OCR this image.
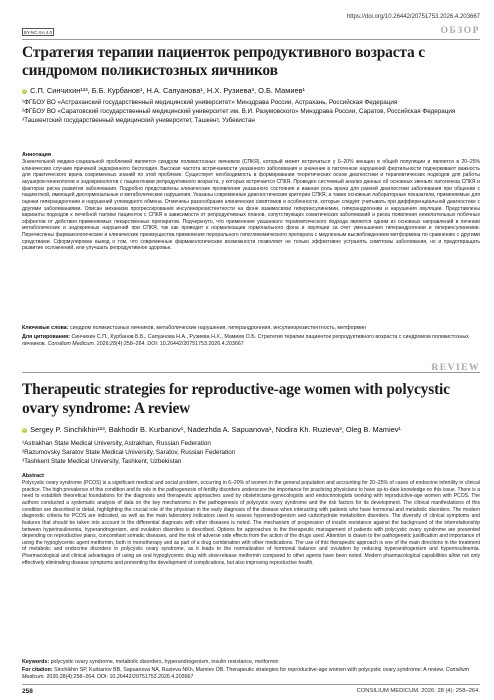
https://doi.org/10.26442/20751753.2026.4.203667
BY-NC-SA 4.0	ОБЗОР
Стратегия терапии пациенток репродуктивного возраста с синдромом поликистозных яичников
iD С.П. Синчихин¹²³, Б.Б. Курбанов¹, Н.А. Сапуанова¹, Н.Х. Рузиева³, О.Б. Мамиев¹
¹ФГБОУ ВО «Астраханский государственный медицинский университет» Минздрава России, Астрахань, Российская Федерация
²ФГБОУ ВО «Саратовский государственный медицинский университет им. В.И. Разумовского» Минздрава России, Саратов, Российская Федерация
³Ташкентский государственный медицинский университет, Ташкент, Узбекистан
Аннотация

Значительной медико-социальной проблемой является синдром поликистозных яичников (СПКЯ), который может встречаться у 6–20% женщин в общей популяции и является в 20–25% клинических случаев причиной эндокринного бесплодия. Высокая частота встречаемости указанного заболевания и значение в патогенезе нарушений фертильности подчеркивают важность для практического врача современных знаний по этой проблеме. Существует необходимость в формировании теоретических основ диагностики и терапевтических подходов для работы акушеров-гинекологов и эндокринологов с пациентками репродуктивного возраста, у которых встречается СПКЯ. Проведен системный анализ данных об основных звеньях патогенеза СПКЯ и факторах риска развития заболевания. Подробно представлены клинические проявления указанного состояния и важная роль врача для ранней диагностики заболевания при общении с пациенткой, имеющей дисгормональные и метаболические нарушения. Указаны современные диагностические критерии СПКЯ, а также основные лабораторные показатели, применяемые для оценки гиперандрогении и нарушений углеводного обмена. Отмечены разнообразие клинических симптомов и особенности, которые следует учитывать при дифференциальной диагностике с другими заболеваниями. Описан механизм прогрессирования инсулинорезистентности на фоне взаимосвязи гиперинсулинемии, гиперандрогении и нарушения овуляции. Представлены варианты подходов к лечебной тактике пациенток с СПКЯ в зависимости от репродуктивных планов, сопутствующих соматических заболеваний и риска появления нежелательных побочных эффектов от действия применяемых лекарственных препаратов. Подчеркнуто, что применение указанного терапевтического подхода является одним из основных направлений в лечении метаболических и эндокринных нарушений при СПКЯ, так как приводит к нормализации гормонального фона и овуляции за счет уменьшения гиперандрогении и гиперинсулинемии. Перечислены фармакологические и клинические преимущества применения перорального гипогликемического препарата с медленным высвобождением метформина по сравнению с другими средствами. Сформулирован вывод о том, что современные фармакологические возможности позволяют не только эффективно устранять симптомы заболевания, но и предотвращать развитие осложнений, или улучшать репродуктивное здоровье.

Ключевые слова: синдром поликистозных яичников, метаболические нарушения, гиперандрогения, инсулинорезистентность, метформин
Для цитирования: Синчихин С.П., Курбанов Б.Б., Сапуанова Н.А., Рузиева Н.Х., Мамиев О.Б. Стратегия терапии пациенток репродуктивного возраста с синдромом поликистозных яичников. Consilium Medicum. 2026;28(4):258–264. DOI: 10.26442/20751753.2026.4.203667
REVIEW
Therapeutic strategies for reproductive-age women with polycystic ovary syndrome: A review
iD Sergey P. Sinchikhin¹²³, Bakhodir B. Kurbanov¹, Nadezhda A. Sapuanova¹, Nodira Kh. Ruzieva³, Oleg B. Mamiev¹
¹Astrakhan State Medical University, Astrakhan, Russian Federation
²Razumovsky Saratov State Medical University, Saratov, Russian Federation
³Tashkent State Medical University, Tashkent, Uzbekistan
Abstract

Polycystic ovary syndrome (PCOS) is a significant medical and social problem, occurring in 6–20% of women in the general population and accounting for 20–25% of cases of endocrine infertility in clinical practice. The high prevalence of this condition and its role in the pathogenesis of fertility disorders underscore the importance for practicing physicians to have up-to-date knowledge on this issue. There is a need to establish theoretical foundations for the diagnosis and therapeutic approaches used by obstetricians-gynecologists and endocrinologists working with reproductive-age women with PCOS. The authors conducted a systematic analysis of data on the key mechanisms in the pathogenesis of polycystic ovary syndrome and the risk factors for its development. The clinical manifestations of this condition are described in detail, highlighting the crucial role of the physician in the early diagnosis of the disease when interacting with patients who have hormonal and metabolic disorders. The modern diagnostic criteria for PCOS are indicated, as well as the main laboratory indicators used to assess hyperandrogenism and carbohydrate metabolism disorders. The diversity of clinical symptoms and features that should be taken into account in the differential diagnosis with other diseases is noted. The mechanism of progression of insulin resistance against the background of the interrelationship between hyperinsulinemia, hyperandrogenism, and ovulation disorders is described. Options for approaches to the therapeutic management of patients with polycystic ovary syndrome are presented depending on reproductive plans, concomitant somatic diseases, and the risk of adverse side effects from the action of the drugs used. Attention is drawn to the pathogenetic justification and importance of using the hypoglycemic agent metformin, both in monotherapy and as part of a drug combination with other medications. The use of this therapeutic approach is one of the main directions in the treatment of metabolic and endocrine disorders in polycystic ovary syndrome, as it leads to the normalization of hormonal balance and ovulation by reducing hyperandrogenism and hyperinsulinemia. Pharmacological and clinical advantages of using an oral hypoglycemic drug with slow-release metformin compared to other agents have been noted. Modern pharmacological capabilities allow not only effectively eliminating disease symptoms and preventing the development of complications, but also improving reproductive health.

Keywords: polycystic ovary syndrome, metabolic disorders, hyperandrogenism, insulin resistance, metformin
For citation: Sinchikhin SP, Kurbanov BB, Sapuanova NA, Ruzieva NKh, Mamiev OB. Therapeutic strategies for reproductive-age women with polycystic ovary syndrome: A review. Consilium Medicum. 2026;28(4):258–264. DOI: 10.26442/20751753.2026.4.203667
258	CONSILIUM MEDICUM. 2026; 28 (4): 258–264.
